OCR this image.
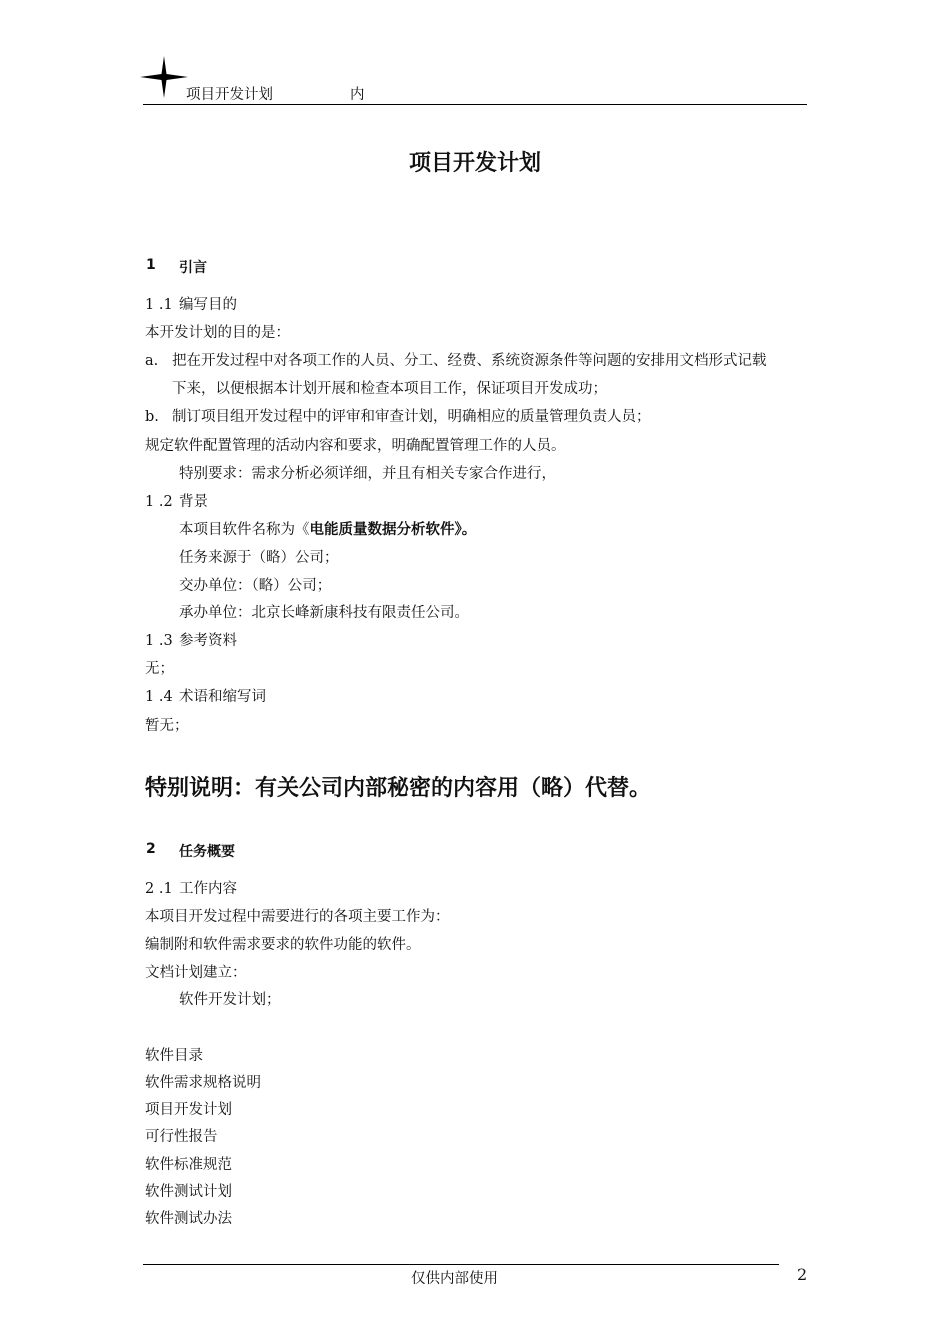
项目开发计划	内
项目开发计划
1 引言
1 .1 编写目的
本开发计划的目的是：
a. 把在开发过程中对各项工作的人员、分工、经费、系统资源条件等问题的安排用文档形式记载
下来，以便根据本计划开展和检查本项目工作，保证项目开发成功；
b. 制订项目组开发过程中的评审和审查计划，明确相应的质量管理负责人员；
规定软件配置管理的活动内容和要求，明确配置管理工作的人员。
特别要求：需求分析必须详细，并且有相关专家合作进行，
1 .2 背景
本项目软件名称为《电能质量数据分析软件》。
任务来源于（略）公司；
交办单位：（略）公司；
承办单位：北京长峰新康科技有限责任公司。
1 .3 参考资料
无；
1 .4 术语和缩写词
暂无；
特别说明：有关公司内部秘密的内容用（略）代替。
2 任务概要
2 .1 工作内容
本项目开发过程中需要进行的各项主要工作为：
编制附和软件需求要求的软件功能的软件。
文档计划建立：
软件开发计划；
软件目录
软件需求规格说明
项目开发计划
可行性报告
软件标准规范
软件测试计划
软件测试办法
仅供内部使用	2
